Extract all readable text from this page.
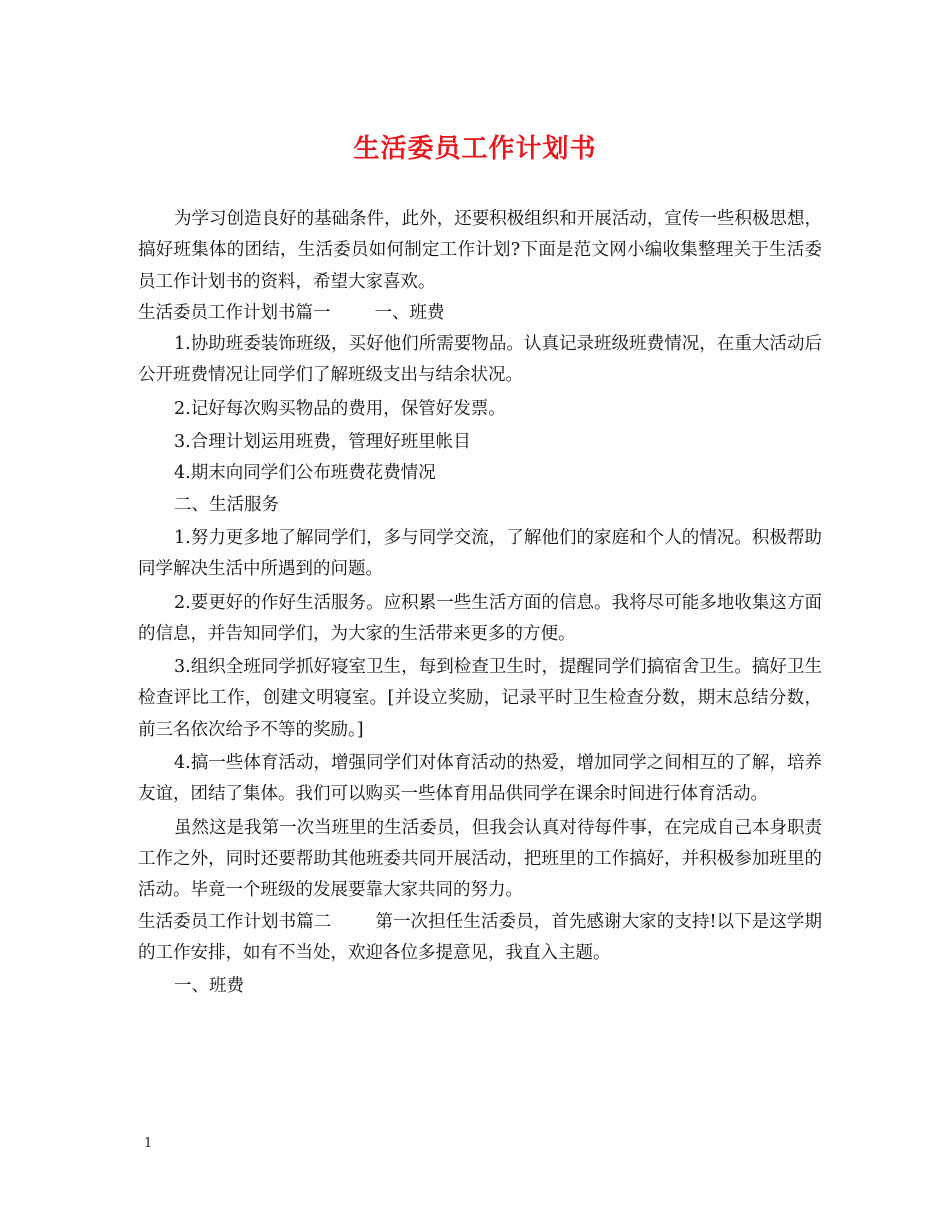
生活委员工作计划书

为学习创造良好的基础条件，此外，还要积极组织和开展活动，宣传一些积极思想，搞好班集体的团结，生活委员如何制定工作计划?下面是范文网小编收集整理关于生活委员工作计划书的资料，希望大家喜欢。

生活委员工作计划书篇一	一、班费

1.协助班委装饰班级，买好他们所需要物品。认真记录班级班费情况，在重大活动后公开班费情况让同学们了解班级支出与结余状况。

2.记好每次购买物品的费用，保管好发票。

3.合理计划运用班费，管理好班里帐目

4.期末向同学们公布班费花费情况

二、生活服务

1.努力更多地了解同学们，多与同学交流，了解他们的家庭和个人的情况。积极帮助同学解决生活中所遇到的问题。

2.要更好的作好生活服务。应积累一些生活方面的信息。我将尽可能多地收集这方面的信息，并告知同学们，为大家的生活带来更多的方便。

3.组织全班同学抓好寝室卫生，每到检查卫生时，提醒同学们搞宿舍卫生。搞好卫生检查评比工作，创建文明寝室。[并设立奖励，记录平时卫生检查分数，期末总结分数，前三名依次给予不等的奖励。]

4.搞一些体育活动，增强同学们对体育活动的热爱，增加同学之间相互的了解，培养友谊，团结了集体。我们可以购买一些体育用品供同学在课余时间进行体育活动。

虽然这是我第一次当班里的生活委员，但我会认真对待每件事，在完成自己本身职责工作之外，同时还要帮助其他班委共同开展活动，把班里的工作搞好，并积极参加班里的活动。毕竟一个班级的发展要靠大家共同的努力。

生活委员工作计划书篇二	第一次担任生活委员，首先感谢大家的支持!以下是这学期的工作安排，如有不当处，欢迎各位多提意见，我直入主题。

一、班费

1
